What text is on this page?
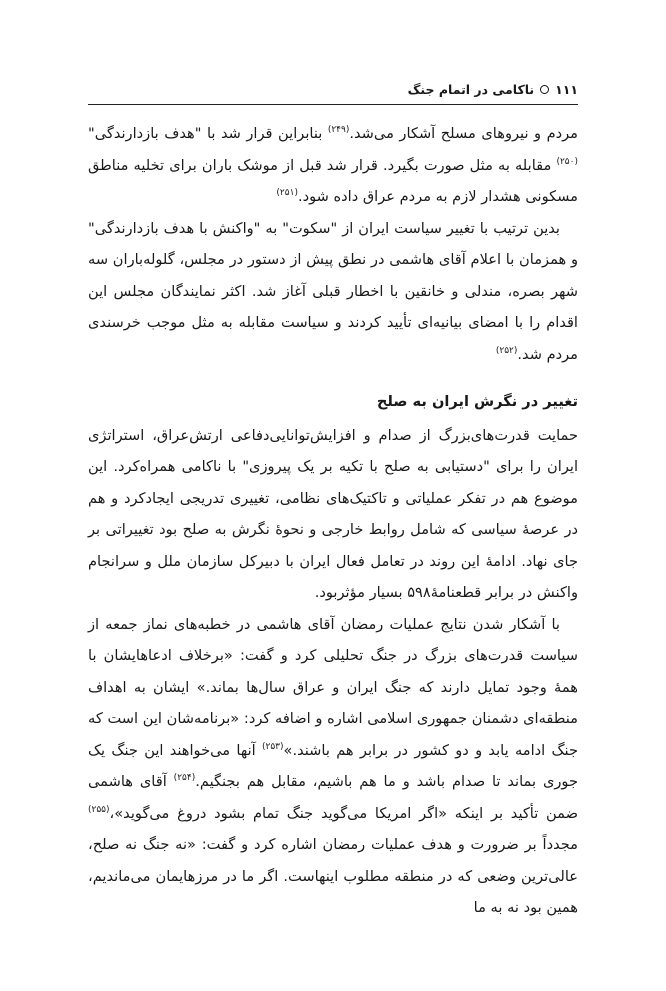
۱۱۱
ناکامی در اتمام جنگ

مردم و نیروهای مسلح آشکار می‌شد.$^{(۲۴۹)}$ بنابراین قرار شد با "هدف بازدارندگی"$^{(۲۵۰)}$ مقابله به مثل صورت بگیرد. قرار شد قبل از موشک باران برای تخلیه مناطق مسکونی هشدار لازم به مردم عراق داده شود.$^{(۲۵۱)}$

بدین ترتیب با تغییر سیاست ایران از "سکوت" به "واکنش با هدف بازدارندگی" و همزمان با اعلام آقای هاشمی در نطق پیش از دستور در مجلس، گلوله‌باران سه شهر بصره، مندلی و خانقین با اخطار قبلی آغاز شد. اکثر نمایندگان مجلس این اقدام را با امضای بیانیه‌ای تأیید کردند و سیاست مقابله به مثل موجب خرسندی مردم شد.$^{(۲۵۲)}$

تغییر در نگرش ایران به صلح

حمایت قدرت‌های‌بزرگ از صدام و افزایش‌توانایی‌دفاعی ارتش‌عراق، استراتژی ایران را برای "دستیابی به صلح با تکیه بر یک پیروزی" با ناکامی همراه‌کرد. این موضوع هم در تفکر عملیاتی و تاکتیک‌های نظامی، تغییری تدریجی ایجادکرد و هم در عرصهٔ سیاسی که شامل روابط خارجی و نحوهٔ نگرش به صلح بود تغییراتی بر جای نهاد. ادامهٔ این روند در تعامل فعال ایران با دبیرکل سازمان ملل و سرانجام واکنش در برابر قطعنامهٔ۵۹۸ بسیار مؤثربود.

با آشکار شدن نتایج عملیات رمضان آقای هاشمی در خطبه‌های نماز جمعه از سیاست قدرت‌های بزرگ در جنگ تحلیلی کرد و گفت: «برخلاف ادعاهایشان با همهٔ وجود تمایل دارند که جنگ ایران و عراق سال‌ها بماند.» ایشان به اهداف منطقه‌ای دشمنان جمهوری اسلامی اشاره و اضافه کرد: «برنامه‌شان این است که جنگ ادامه یابد و دو کشور در برابر هم باشند.»$^{(۲۵۳)}$ آنها می‌خواهند این جنگ یک جوری بماند تا صدام باشد و ما هم باشیم، مقابل هم بجنگیم.$^{(۲۵۴)}$ آقای هاشمی ضمن تأکید بر اینکه «اگر امریکا می‌گوید جنگ تمام بشود دروغ می‌گوید»،$^{(۲۵۵)}$ مجدداً بر ضرورت و هدف عملیات رمضان اشاره کرد و گفت: «نه جنگ نه صلح، عالی‌ترین وضعی که در منطقه مطلوب اینهاست. اگر ما در مرزهایمان می‌ماندیم، همین بود نه به ما
